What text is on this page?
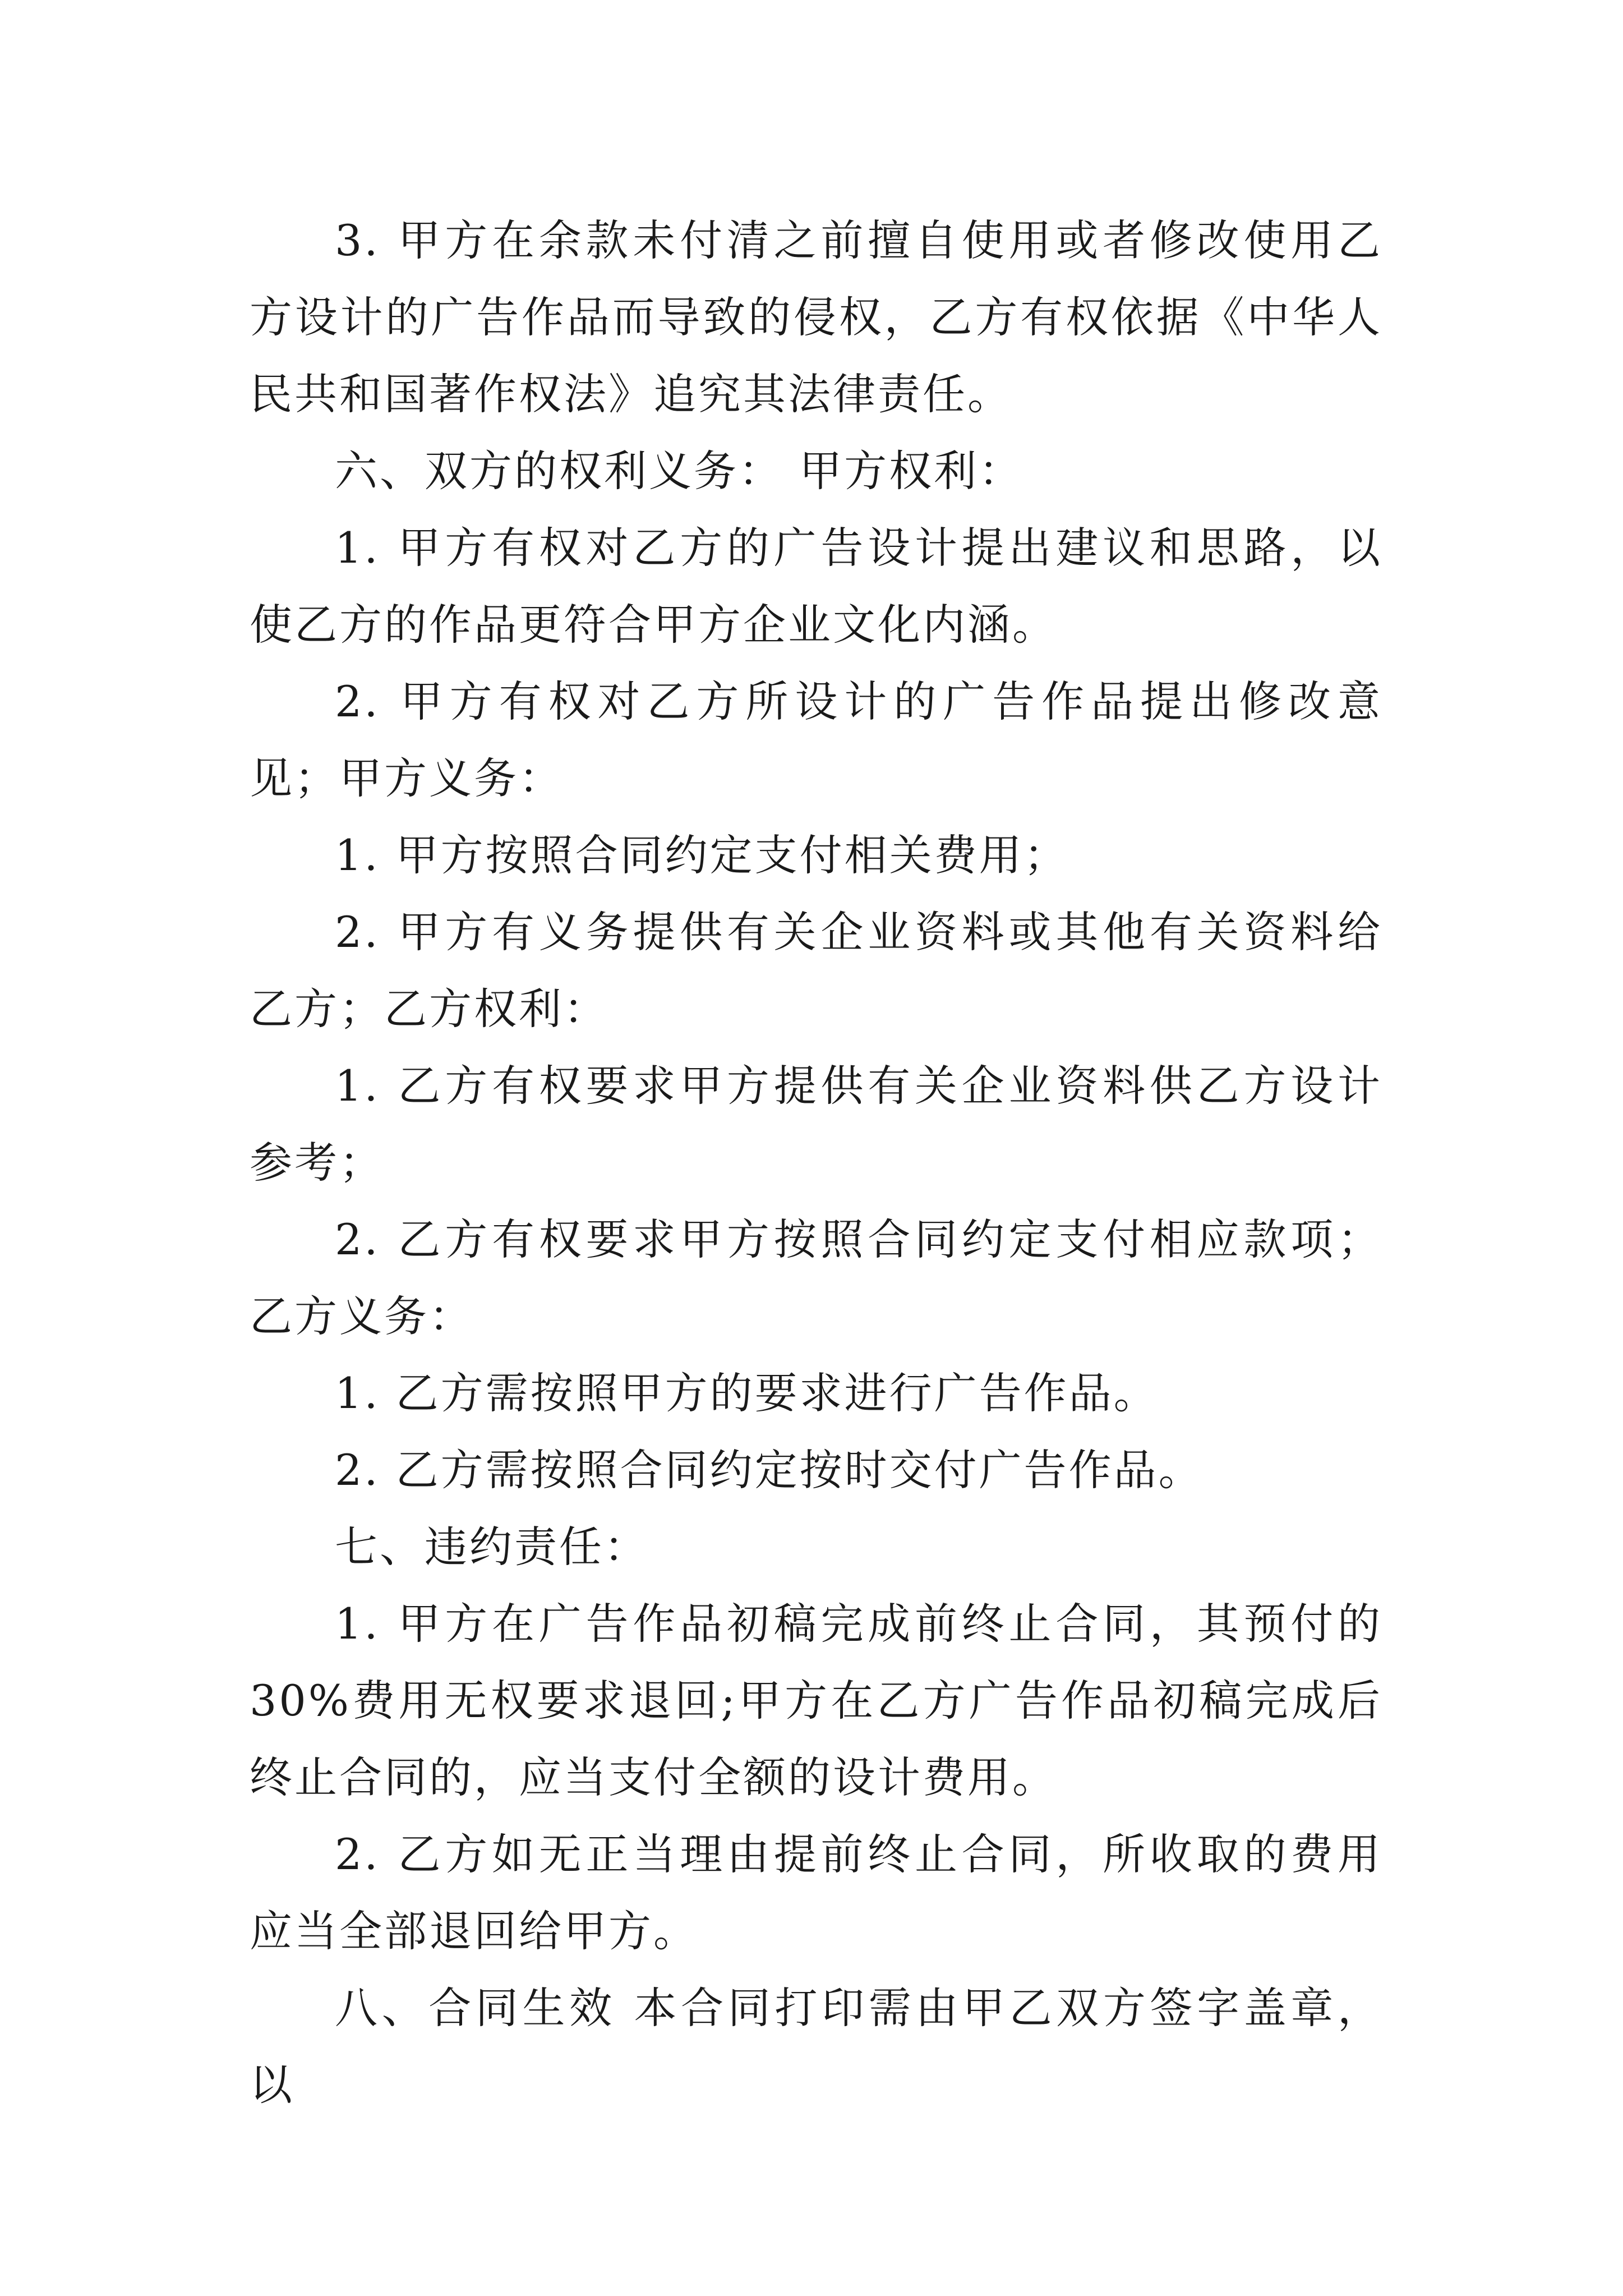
3. 甲方在余款未付清之前擅自使用或者修改使用乙方设计的广告作品而导致的侵权，乙方有权依据《中华人民共和国著作权法》追究其法律责任。

六、双方的权利义务： 甲方权利：

1. 甲方有权对乙方的广告设计提出建议和思路，以使乙方的作品更符合甲方企业文化内涵。

2. 甲方有权对乙方所设计的广告作品提出修改意见；甲方义务：

1. 甲方按照合同约定支付相关费用；

2. 甲方有义务提供有关企业资料或其他有关资料给乙方；乙方权利：

1. 乙方有权要求甲方提供有关企业资料供乙方设计参考；

2. 乙方有权要求甲方按照合同约定支付相应款项；乙方义务：

1. 乙方需按照甲方的要求进行广告作品。

2. 乙方需按照合同约定按时交付广告作品。

七、违约责任：

1. 甲方在广告作品初稿完成前终止合同，其预付的 30%费用无权要求退回;甲方在乙方广告作品初稿完成后终止合同的，应当支付全额的设计费用。

2. 乙方如无正当理由提前终止合同，所收取的费用应当全部退回给甲方。

八、合同生效 本合同打印需由甲乙双方签字盖章，以
